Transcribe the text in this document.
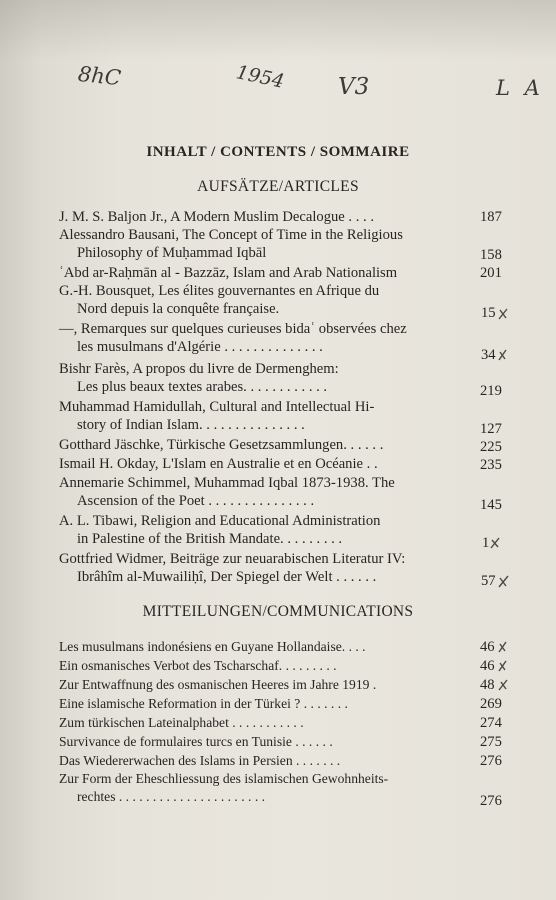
8ℎC	1954 V3	L A
INHALT / CONTENTS / SOMMAIRE
AUFSÄTZE/ARTICLES
J. M. S. Baljon Jr., A Modern Muslim Decalogue . . . .	187
Alessandro Bausani, The Concept of Time in the Religious
Philosophy of Muḥammad Iqbāl	158
ʿAbd ar-Raḥmān al - Bazzāz, Islam and Arab Nationalism	201
G.-H. Bousquet, Les élites gouvernantes en Afrique du
Nord depuis la conquête française.	15
—, Remarques sur quelques curieuses bidaʿ observées chez
les musulmans d'Algérie . . . . . . . . . . . . . .	34
Bishr Farès, A propos du livre de Dermenghem:
Les plus beaux textes arabes. . . . . . . . . . . .	219
Muhammad Hamidullah, Cultural and Intellectual Hi-
story of Indian Islam. . . . . . . . . . . . . . .	127
Gotthard Jäschke, Türkische Gesetzsammlungen. . . . . .	225
Ismail H. Okday, L'Islam en Australie et en Océanie . .	235
Annemarie Schimmel, Muhammad Iqbal 1873-1938. The
Ascension of the Poet . . . . . . . . . . . . . . .	145
A. L. Tibawi, Religion and Educational Administration
in Palestine of the British Mandate. . . . . . . . .	1
Gottfried Widmer, Beiträge zur neuarabischen Literatur IV:
Ibrâhîm al-Muwailiḥî, Der Spiegel der Welt . . . . . .	57
MITTEILUNGEN/COMMUNICATIONS
Les musulmans indonésiens en Guyane Hollandaise. . . .	46
Ein osmanisches Verbot des Tscharschaf. . . . . . . . .	46
Zur Entwaffnung des osmanischen Heeres im Jahre 1919 .	48
Eine islamische Reformation in der Türkei ? . . . . . . .	269
Zum türkischen Lateinalphabet . . . . . . . . . . .	274
Survivance de formulaires turcs en Tunisie . . . . . .	275
Das Wiedererwachen des Islams in Persien . . . . . . .	276
Zur Form der Eheschliessung des islamischen Gewohnheits-
rechtes . . . . . . . . . . . . . . . . . . . . . .	276
